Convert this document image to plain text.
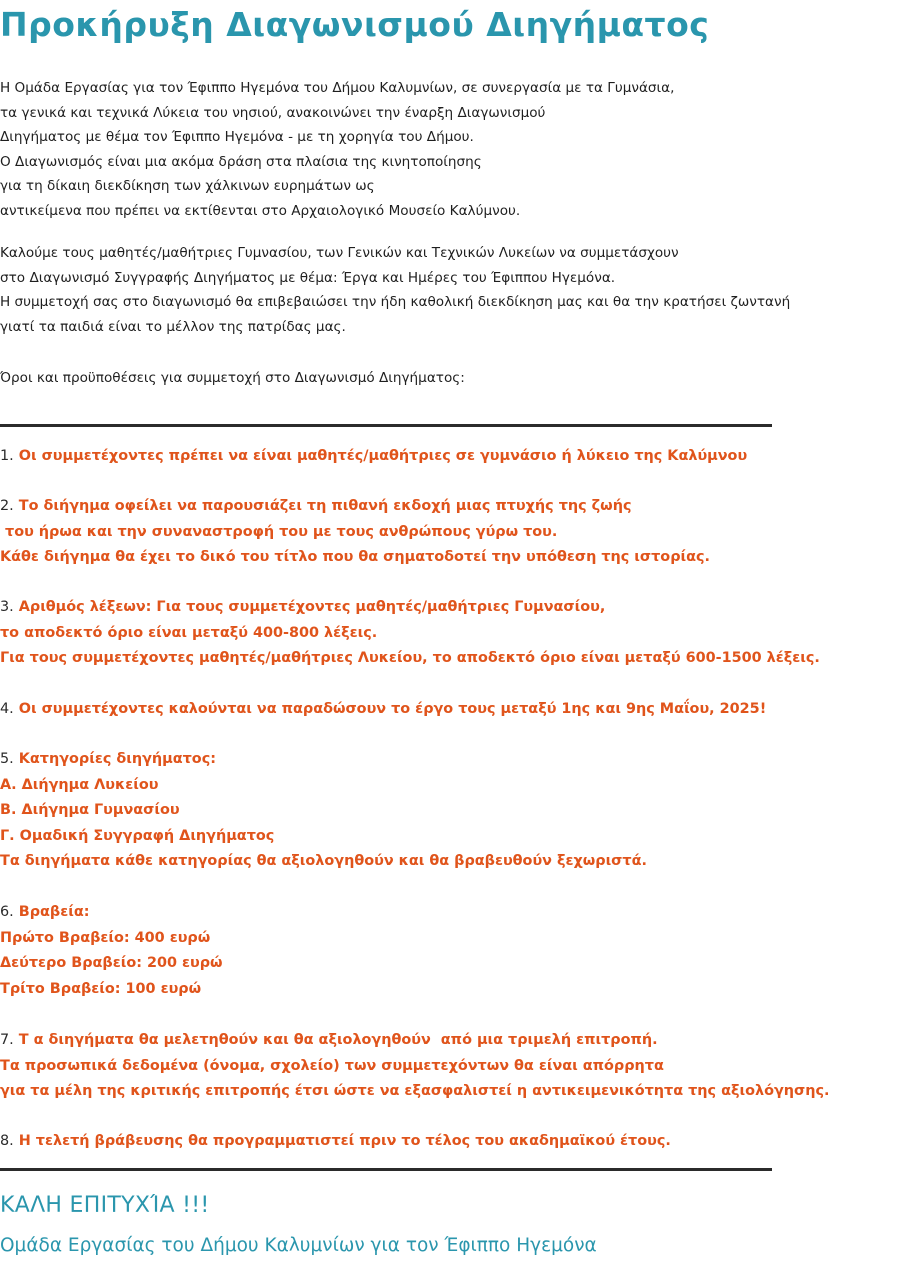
Προκήρυξη Διαγωνισμού Διηγήματος
Η Ομάδα Εργασίας για τον Έφιππο Ηγεμόνα του Δήμου Καλυμνίων, σε συνεργασία με τα Γυμνάσια,
τα γενικά και τεχνικά Λύκεια του νησιού, ανακοινώνει την έναρξη Διαγωνισμού
Διηγήματος με θέμα τον Έφιππο Ηγεμόνα - με τη χορηγία του Δήμου.
Ο Διαγωνισμός είναι μια ακόμα δράση στα πλαίσια της κινητοποίησης
για τη δίκαιη διεκδίκηση των χάλκινων ευρημάτων ως
αντικείμενα που πρέπει να εκτίθενται στο Αρχαιολογικό Μουσείο Καλύμνου.
Καλούμε τους μαθητές/μαθήτριες Γυμνασίου, των Γενικών και Τεχνικών Λυκείων να συμμετάσχουν
στο Διαγωνισμό Συγγραφής Διηγήματος με θέμα: Έργα και Ημέρες του Έφιππου Ηγεμόνα.
Η συμμετοχή σας στο διαγωνισμό θα επιβεβαιώσει την ήδη καθολική διεκδίκηση μας και θα την κρατήσει ζωντανή
γιατί τα παιδιά είναι το μέλλον της πατρίδας μας.
Όροι και προϋποθέσεις για συμμετοχή στο Διαγωνισμό Διηγήματος:
1. Οι συμμετέχοντες πρέπει να είναι μαθητές/μαθήτριες σε γυμνάσιο ή λύκειο της Καλύμνου
2. Το διήγημα οφείλει να παρουσιάζει τη πιθανή εκδοχή μιας πτυχής της ζωής
του ήρωα και την συναναστροφή του με τους ανθρώπους γύρω του.
Κάθε διήγημα θα έχει το δικό του τίτλο που θα σηματοδοτεί την υπόθεση της ιστορίας.
3. Αριθμός λέξεων: Για τους συμμετέχοντες μαθητές/μαθήτριες Γυμνασίου,
το αποδεκτό όριο είναι μεταξύ 400-800 λέξεις.
Για τους συμμετέχοντες μαθητές/μαθήτριες Λυκείου, το αποδεκτό όριο είναι μεταξύ 600-1500 λέξεις.
4. Οι συμμετέχοντες καλούνται να παραδώσουν το έργο τους μεταξύ 1ης και 9ης Μαΐου, 2025!
5. Κατηγορίες διηγήματος:
Α. Διήγημα Λυκείου
Β. Διήγημα Γυμνασίου
Γ. Ομαδική Συγγραφή Διηγήματος
Τα διηγήματα κάθε κατηγορίας θα αξιολογηθούν και θα βραβευθούν ξεχωριστά.
6. Βραβεία:
Πρώτο Βραβείο: 400 ευρώ
Δεύτερο Βραβείο: 200 ευρώ
Τρίτο Βραβείο: 100 ευρώ
7. Τ α διηγήματα θα μελετηθούν και θα αξιολογηθούν  από μια τριμελή επιτροπή.
Τα προσωπικά δεδομένα (όνομα, σχολείο) των συμμετεχόντων θα είναι απόρρητα
για τα μέλη της κριτικής επιτροπής έτσι ώστε να εξασφαλιστεί η αντικειμενικότητα της αξιολόγησης.
8. Η τελετή βράβευσης θα προγραμματιστεί πριν το τέλος του ακαδημαϊκού έτους.
ΚΑΛΗ ΕΠΙΤΥΧΊΑ !!!
Ομάδα Εργασίας του Δήμου Καλυμνίων για τον Έφιππο Ηγεμόνα
